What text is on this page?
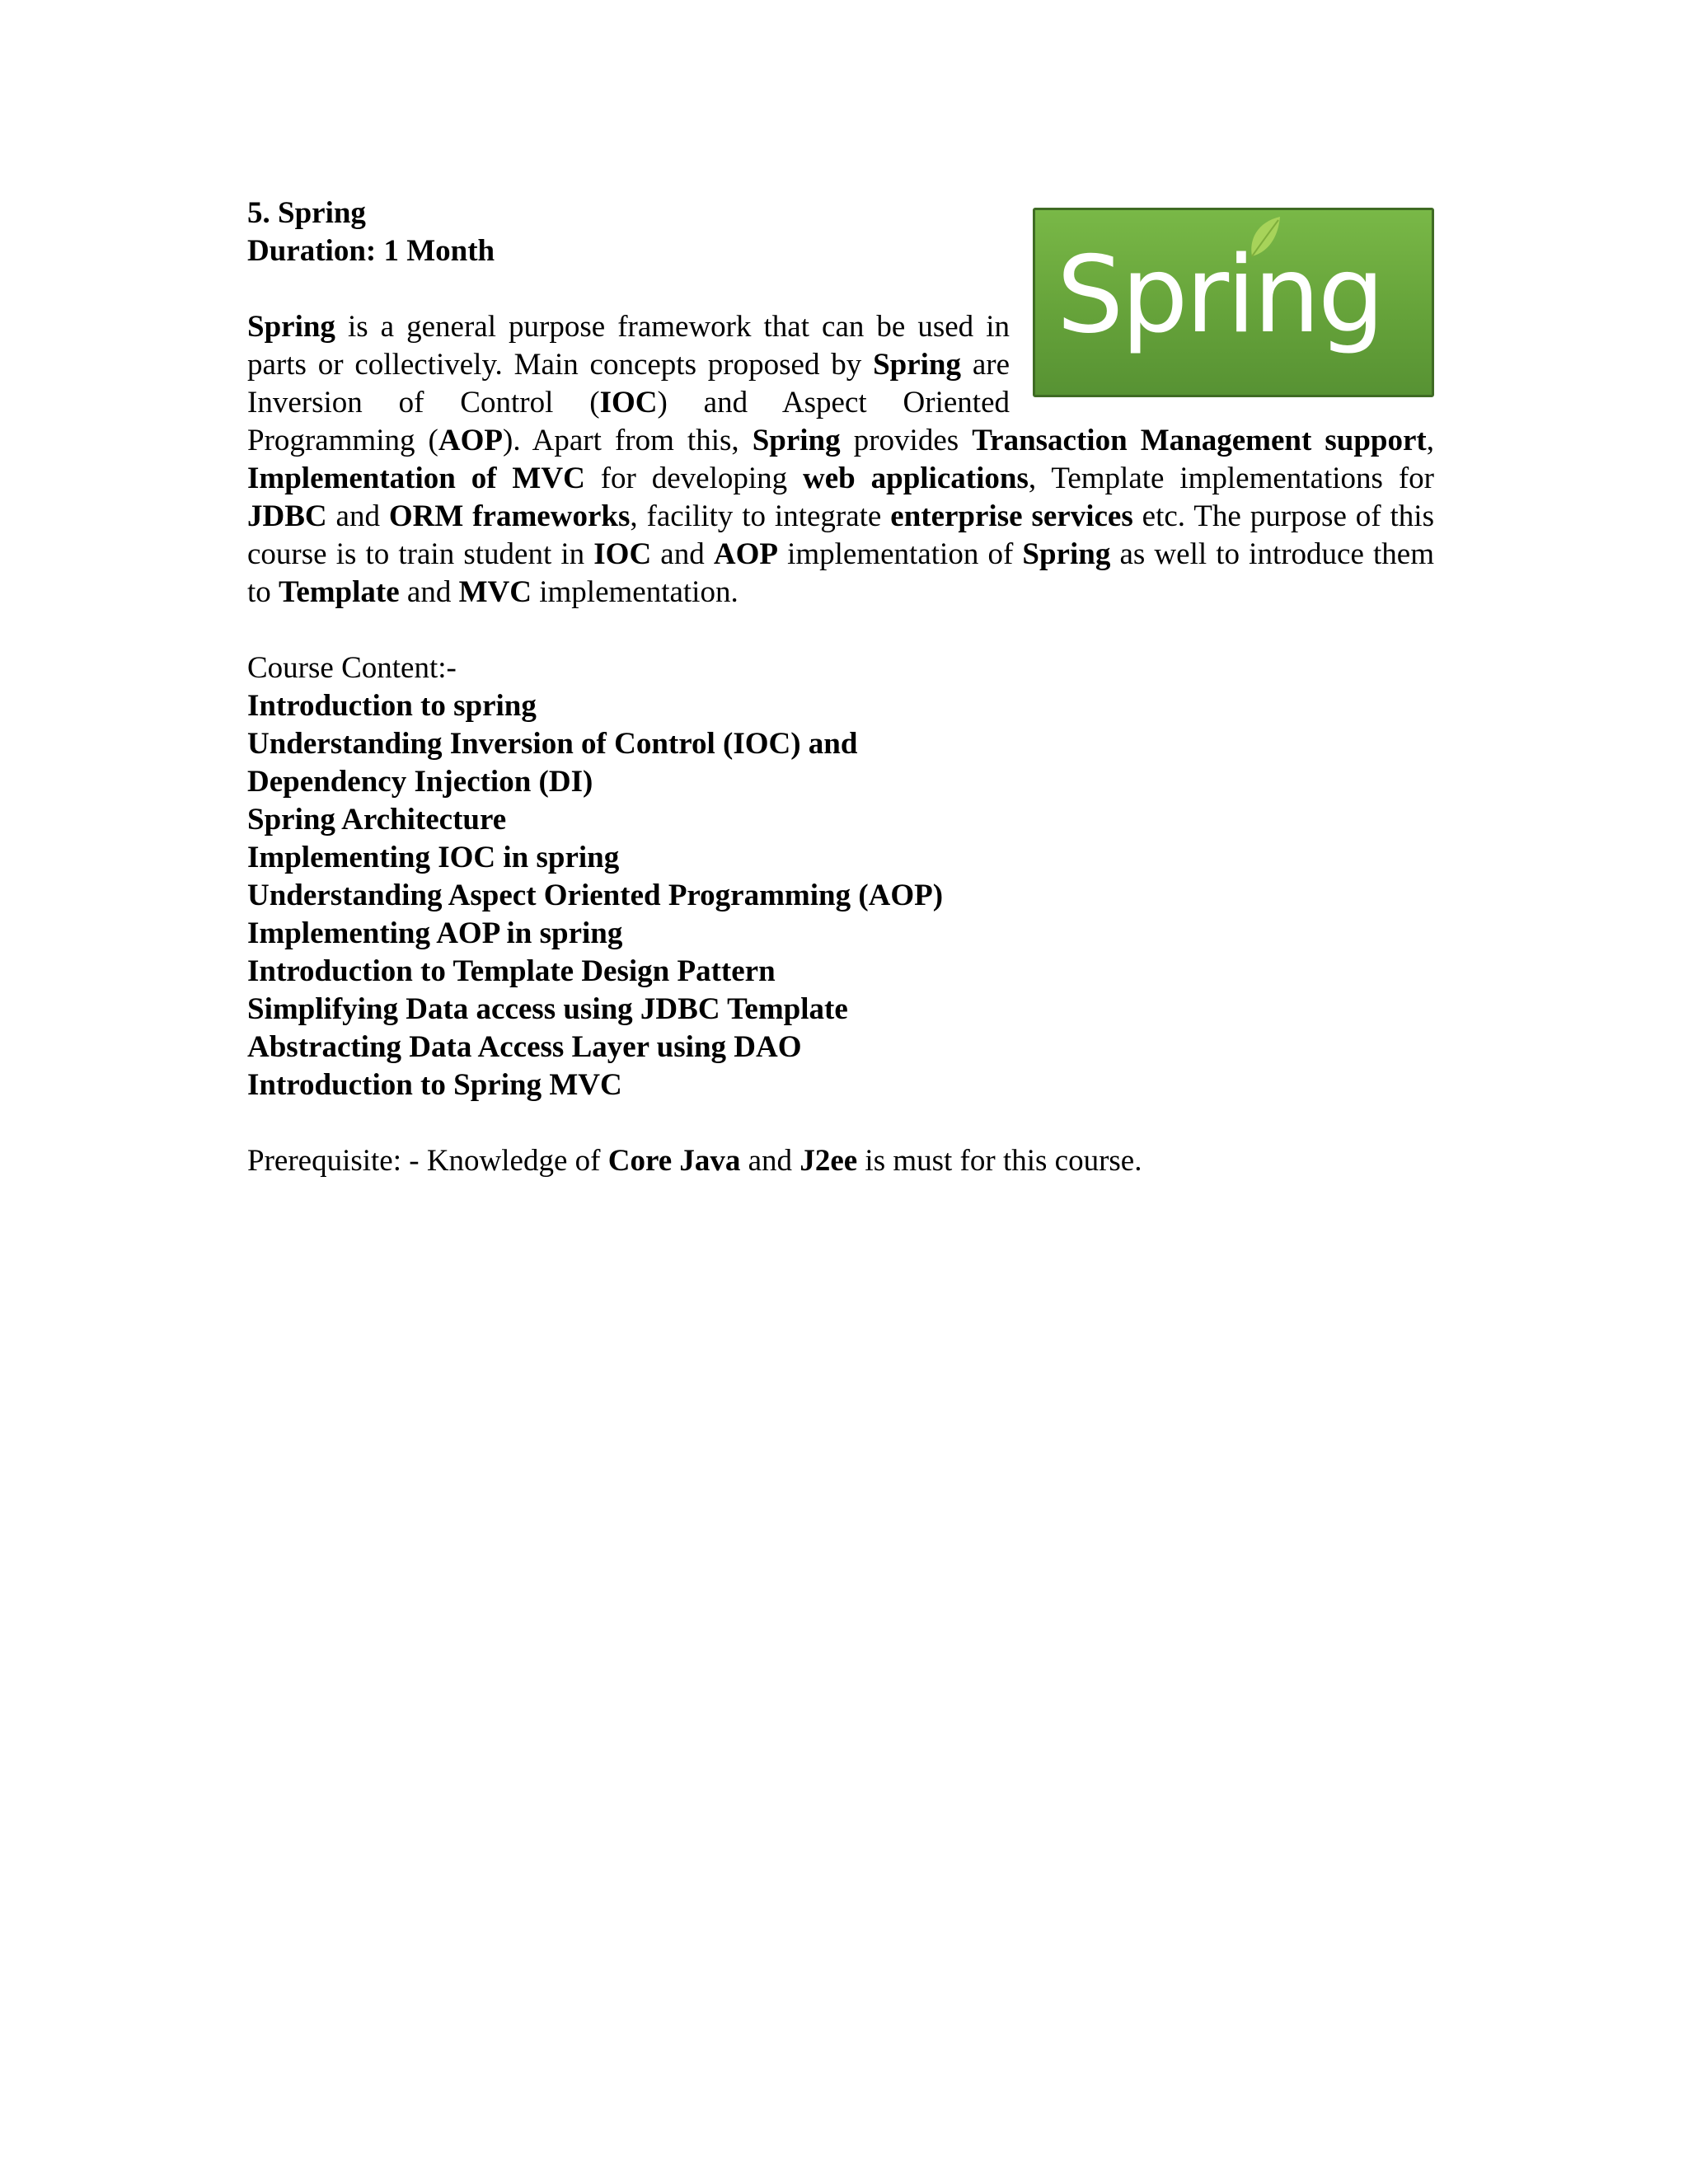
Spring

5. Spring

Duration: 1 Month

Spring is a general purpose framework that can be used in parts or collectively. Main concepts proposed by Spring are Inversion of Control (IOC) and Aspect Oriented Programming (AOP). Apart from this, Spring provides Transaction Management support, Implementation of MVC for developing web applications, Template implementations for JDBC and ORM frameworks, facility to integrate enterprise services etc. The purpose of this course is to train student in IOC and AOP implementation of Spring as well to introduce them to Template and MVC implementation.

Course Content:-

Introduction to spring
Understanding Inversion of Control (IOC) and
Dependency Injection (DI)
Spring Architecture
Implementing IOC in spring
Understanding Aspect Oriented Programming (AOP)
Implementing AOP in spring
Introduction to Template Design Pattern
Simplifying Data access using JDBC Template
Abstracting Data Access Layer using DAO
Introduction to Spring MVC

Prerequisite: - Knowledge of Core Java and J2ee is must for this course.
